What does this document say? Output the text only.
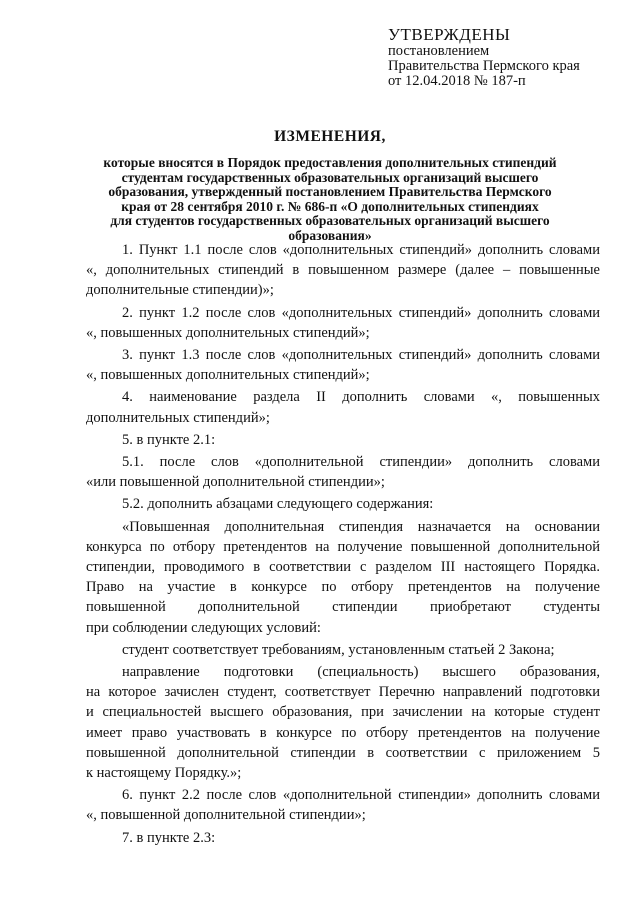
УТВЕРЖДЕНЫ
постановлением
Правительства Пермского края
от 12.04.2018 № 187-п
ИЗМЕНЕНИЯ,
которые вносятся в Порядок предоставления дополнительных стипендий
студентам государственных образовательных организаций высшего
образования, утвержденный постановлением Правительства Пермского
края от 28 сентября 2010 г. № 686-п «О дополнительных стипендиях
для студентов государственных образовательных организаций высшего
образования»
1. Пункт 1.1 после слов «дополнительных стипендий» дополнить словами
«, дополнительных стипендий в повышенном размере (далее – повышенные
дополнительные стипендии)»;
2. пункт 1.2 после слов «дополнительных стипендий» дополнить словами
«, повышенных дополнительных стипендий»;
3. пункт 1.3 после слов «дополнительных стипендий» дополнить словами
«, повышенных дополнительных стипендий»;
4. наименование раздела II дополнить словами «, повышенных
дополнительных стипендий»;
5. в пункте 2.1:
5.1. после слов «дополнительной стипендии» дополнить словами
«или повышенной дополнительной стипендии»;
5.2. дополнить абзацами следующего содержания:
«Повышенная дополнительная стипендия назначается на основании
конкурса по отбору претендентов на получение повышенной дополнительной
стипендии, проводимого в соответствии с разделом III настоящего Порядка.
Право на участие в конкурсе по отбору претендентов на получение
повышенной дополнительной стипендии приобретают студенты
при соблюдении следующих условий:
студент соответствует требованиям, установленным статьей 2 Закона;
направление подготовки (специальность) высшего образования,
на которое зачислен студент, соответствует Перечню направлений подготовки
и специальностей высшего образования, при зачислении на которые студент
имеет право участвовать в конкурсе по отбору претендентов на получение
повышенной дополнительной стипендии в соответствии с приложением 5
к настоящему Порядку.»;
6. пункт 2.2 после слов «дополнительной стипендии» дополнить словами
«, повышенной дополнительной стипендии»;
7. в пункте 2.3:
